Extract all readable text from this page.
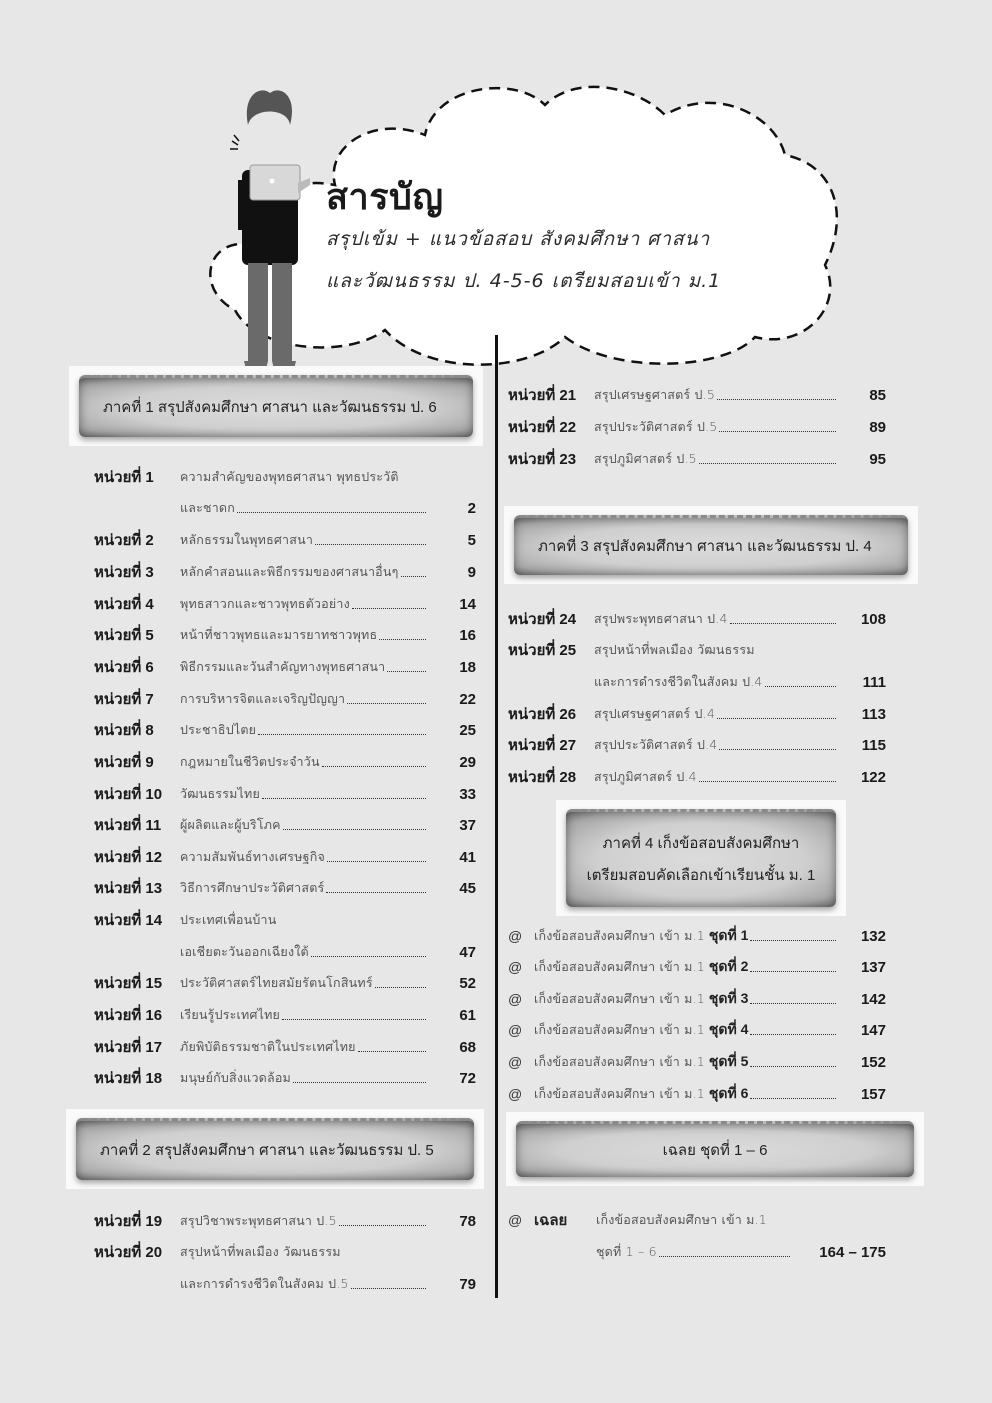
สารบัญ
สรุปเข้ม + แนวข้อสอบ สังคมศึกษา ศาสนา
และวัฒนธรรม ป. 4-5-6 เตรียมสอบเข้า ม.1
ภาคที่ 1 สรุปสังคมศึกษา ศาสนา และวัฒนธรรม ป. 6
หน่วยที่ 1	ความสำคัญของพุทธศาสนา พุทธประวัติ
และชาดก	2
หน่วยที่ 2	หลักธรรมในพุทธศาสนา	5
หน่วยที่ 3	หลักคำสอนและพิธีกรรมของศาสนาอื่นๆ	9
หน่วยที่ 4	พุทธสาวกและชาวพุทธตัวอย่าง	14
หน่วยที่ 5	หน้าที่ชาวพุทธและมารยาทชาวพุทธ	16
หน่วยที่ 6	พิธีกรรมและวันสำคัญทางพุทธศาสนา	18
หน่วยที่ 7	การบริหารจิตและเจริญปัญญา	22
หน่วยที่ 8	ประชาธิปไตย	25
หน่วยที่ 9	กฎหมายในชีวิตประจำวัน	29
หน่วยที่ 10	วัฒนธรรมไทย	33
หน่วยที่ 11	ผู้ผลิตและผู้บริโภค	37
หน่วยที่ 12	ความสัมพันธ์ทางเศรษฐกิจ	41
หน่วยที่ 13	วิธีการศึกษาประวัติศาสตร์	45
หน่วยที่ 14	ประเทศเพื่อนบ้าน
เอเชียตะวันออกเฉียงใต้	47
หน่วยที่ 15	ประวัติศาสตร์ไทยสมัยรัตนโกสินทร์	52
หน่วยที่ 16	เรียนรู้ประเทศไทย	61
หน่วยที่ 17	ภัยพิบัติธรรมชาติในประเทศไทย	68
หน่วยที่ 18	มนุษย์กับสิ่งแวดล้อม	72
ภาคที่ 2 สรุปสังคมศึกษา ศาสนา และวัฒนธรรม ป. 5
หน่วยที่ 19	สรุปวิชาพระพุทธศาสนา ป.5	78
หน่วยที่ 20	สรุปหน้าที่พลเมือง วัฒนธรรม
และการดำรงชีวิตในสังคม ป.5	79
หน่วยที่ 21	สรุปเศรษฐศาสตร์ ป.5	85
หน่วยที่ 22	สรุปประวัติศาสตร์ ป.5	89
หน่วยที่ 23	สรุปภูมิศาสตร์ ป.5	95
ภาคที่ 3 สรุปสังคมศึกษา ศาสนา และวัฒนธรรม ป. 4
หน่วยที่ 24	สรุปพระพุทธศาสนา ป.4	108
หน่วยที่ 25	สรุปหน้าที่พลเมือง วัฒนธรรม
และการดำรงชีวิตในสังคม ป.4	111
หน่วยที่ 26	สรุปเศรษฐศาสตร์ ป.4	113
หน่วยที่ 27	สรุปประวัติศาสตร์ ป.4	115
หน่วยที่ 28	สรุปภูมิศาสตร์ ป.4	122
ภาคที่ 4 เก็งข้อสอบสังคมศึกษา
เตรียมสอบคัดเลือกเข้าเรียนชั้น ม. 1
@ เก็งข้อสอบสังคมศึกษา เข้า ม.1 ชุดที่ 1	132
@ เก็งข้อสอบสังคมศึกษา เข้า ม.1 ชุดที่ 2	137
@ เก็งข้อสอบสังคมศึกษา เข้า ม.1 ชุดที่ 3	142
@ เก็งข้อสอบสังคมศึกษา เข้า ม.1 ชุดที่ 4	147
@ เก็งข้อสอบสังคมศึกษา เข้า ม.1 ชุดที่ 5	152
@ เก็งข้อสอบสังคมศึกษา เข้า ม.1 ชุดที่ 6	157
เฉลย ชุดที่ 1 – 6
@ เฉลย	เก็งข้อสอบสังคมศึกษา เข้า ม.1
ชุดที่ 1 – 6	164 – 175
